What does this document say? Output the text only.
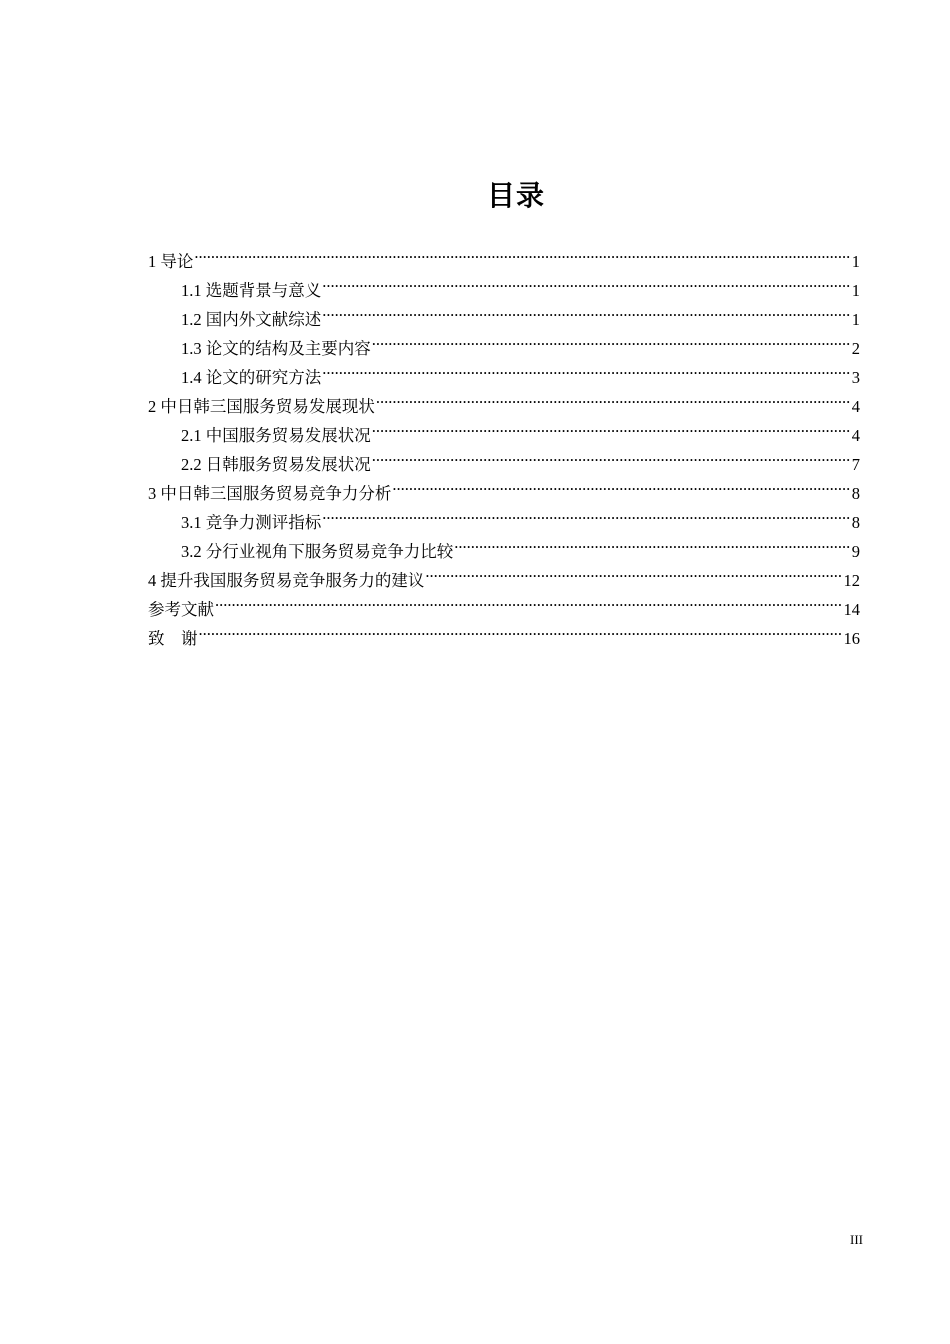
目录
1 导论 .....	1
1.1 选题背景与意义 .....	1
1.2 国内外文献综述 .....	1
1.3 论文的结构及主要内容 .....	2
1.4 论文的研究方法 .....	3
2 中日韩三国服务贸易发展现状 .....	4
2.1 中国服务贸易发展状况 .....	4
2.2 日韩服务贸易发展状况 .....	7
3 中日韩三国服务贸易竞争力分析 .....	8
3.1 竞争力测评指标 .....	8
3.2 分行业视角下服务贸易竞争力比较 .....	9
4 提升我国服务贸易竞争服务力的建议 .....	12
参考文献 .....	14
致　谢 .....	16
III
